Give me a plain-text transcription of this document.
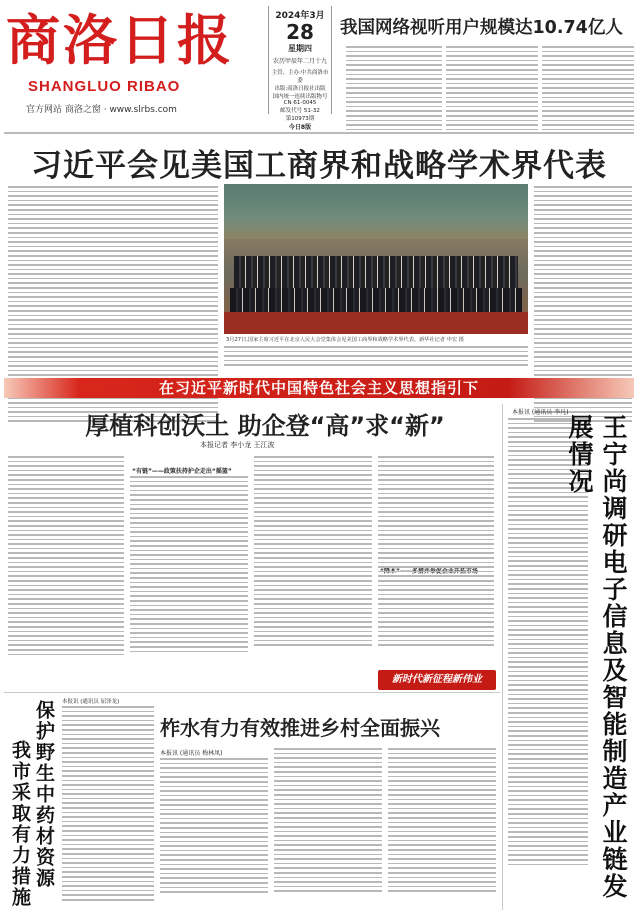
商洛日报
SHANGLUO RIBAO
官方网站 商洛之窗 · www.slrbs.com
2024年3月
28
星期四
农历甲辰年二月十九
主管、主办:中共商洛市委
出版:商洛日报社出版
国内统一连续出版物号
CN 61-0045
邮发代号 51-32
第10973期
今日8版
我国网络视听用户规模达10.74亿人
习近平会见美国工商界和战略学术界代表
3月27日,国家主席习近平在北京人民大会堂集体会见美国工商界和战略学术界代表。新华社记者 申宏 摄
在习近平新时代中国特色社会主义思想指引下
厚植科创沃土 助企登“高”求“新”
本报记者 李小龙 王江波
“有链”——政策扶持护企走出“摇篮”
新时代新征程新伟业
本报讯 (通讯员 李凡)
王宁尚调研电子信息及智能制造产业链发展情况
柞水有力有效推进乡村全面振兴
本报讯 (通讯员 梅林凤)
我市采取有力措施 保护野生中药材资源 本报讯 (通讯员 屈泽龙)
